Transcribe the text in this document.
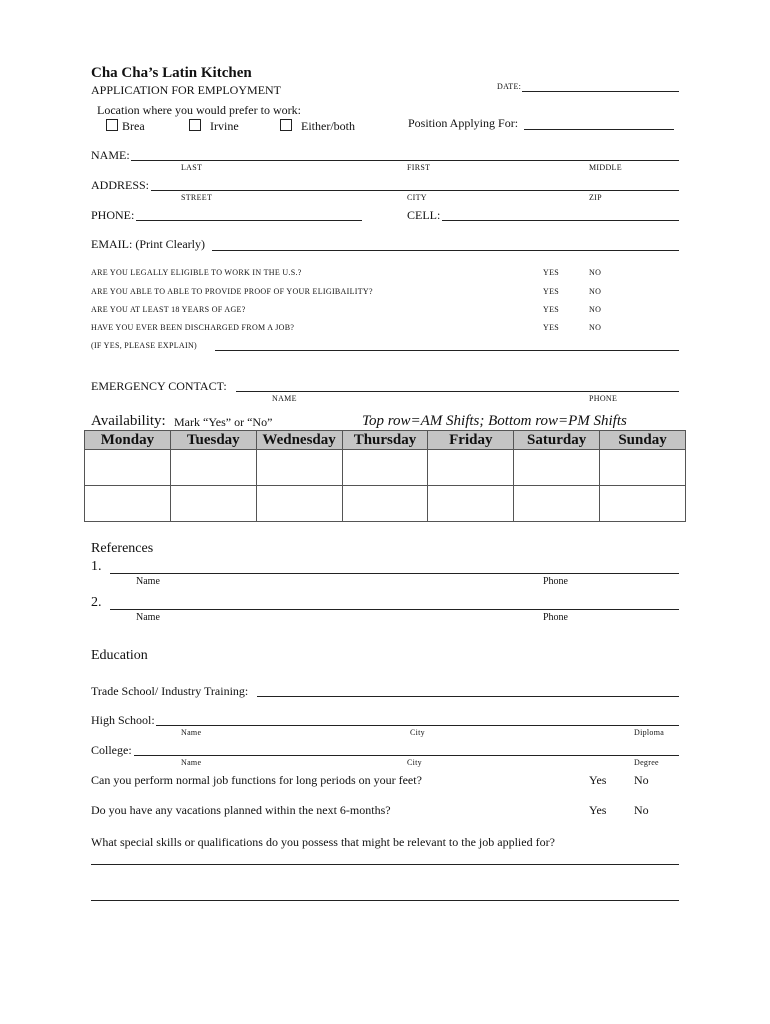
Cha Cha’s Latin Kitchen
APPLICATION FOR EMPLOYMENT	DATE:
Location where you would prefer to work:
Brea	Irvine	Either/both	Position Applying For:
NAME:
LAST	FIRST	MIDDLE
ADDRESS:
STREET	CITY	ZIP
PHONE:	CELL:
EMAIL: (Print Clearly)
ARE YOU LEGALLY ELIGIBLE TO WORK IN THE U.S.?	YES	NO
ARE YOU ABLE TO ABLE TO PROVIDE PROOF OF YOUR ELIGIBAILITY?	YES	NO
ARE YOU AT LEAST 18 YEARS OF AGE?	YES	NO
HAVE YOU EVER BEEN DISCHARGED FROM A JOB?	YES	NO
(IF YES, PLEASE EXPLAIN)
EMERGENCY CONTACT:
NAME	PHONE
Availability: Mark “Yes” or “No”	Top row=AM Shifts; Bottom row=PM Shifts
Monday	Tuesday	Wednesday	Thursday	Friday	Saturday	Sunday

References
1.
Name	Phone
2.
Name	Phone
Education
Trade School/ Industry Training:
High School:
Name	City	Diploma
College:
Name	City	Degree
Can you perform normal job functions for long periods on your feet?	Yes No
Do you have any vacations planned within the next 6-months?	Yes No
What special skills or qualifications do you possess that might be relevant to the job applied for?
